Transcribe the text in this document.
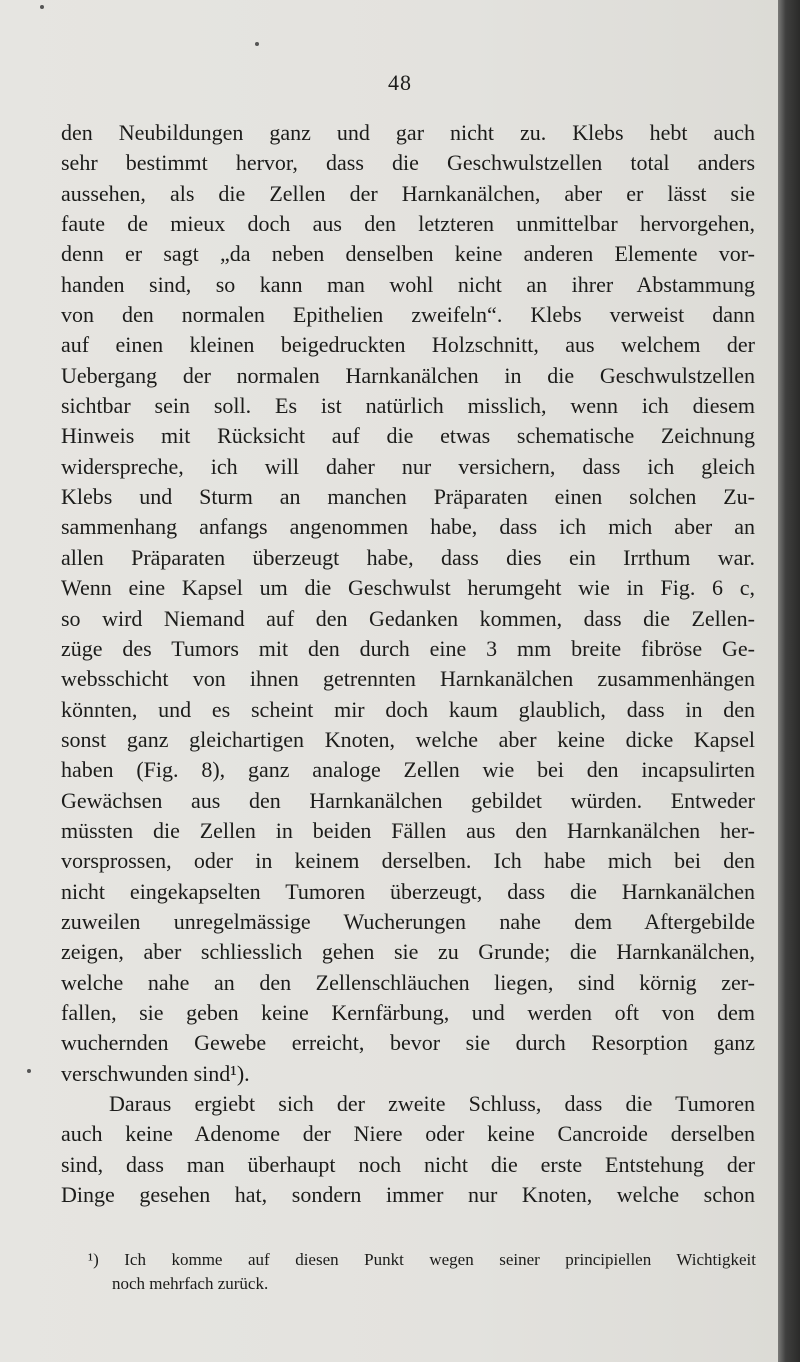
48
den Neubildungen ganz und gar nicht zu. Klebs hebt auch
sehr bestimmt hervor, dass die Geschwulstzellen total anders
aussehen, als die Zellen der Harnkanälchen, aber er lässt sie
faute de mieux doch aus den letzteren unmittelbar hervorgehen,
denn er sagt „da neben denselben keine anderen Elemente vor-
handen sind, so kann man wohl nicht an ihrer Abstammung
von den normalen Epithelien zweifeln“. Klebs verweist dann
auf einen kleinen beigedruckten Holzschnitt, aus welchem der
Uebergang der normalen Harnkanälchen in die Geschwulstzellen
sichtbar sein soll. Es ist natürlich misslich, wenn ich diesem
Hinweis mit Rücksicht auf die etwas schematische Zeichnung
widerspreche, ich will daher nur versichern, dass ich gleich
Klebs und Sturm an manchen Präparaten einen solchen Zu-
sammenhang anfangs angenommen habe, dass ich mich aber an
allen Präparaten überzeugt habe, dass dies ein Irrthum war.
Wenn eine Kapsel um die Geschwulst herumgeht wie in Fig. 6 c,
so wird Niemand auf den Gedanken kommen, dass die Zellen-
züge des Tumors mit den durch eine 3 mm breite fibröse Ge-
websschicht von ihnen getrennten Harnkanälchen zusammenhängen
könnten, und es scheint mir doch kaum glaublich, dass in den
sonst ganz gleichartigen Knoten, welche aber keine dicke Kapsel
haben (Fig. 8), ganz analoge Zellen wie bei den incapsulirten
Gewächsen aus den Harnkanälchen gebildet würden. Entweder
müssten die Zellen in beiden Fällen aus den Harnkanälchen her-
vorsprossen, oder in keinem derselben. Ich habe mich bei den
nicht eingekapselten Tumoren überzeugt, dass die Harnkanälchen
zuweilen unregelmässige Wucherungen nahe dem Aftergebilde
zeigen, aber schliesslich gehen sie zu Grunde; die Harnkanälchen,
welche nahe an den Zellenschläuchen liegen, sind körnig zer-
fallen, sie geben keine Kernfärbung, und werden oft von dem
wuchernden Gewebe erreicht, bevor sie durch Resorption ganz
verschwunden sind¹).
Daraus ergiebt sich der zweite Schluss, dass die Tumoren
auch keine Adenome der Niere oder keine Cancroide derselben
sind, dass man überhaupt noch nicht die erste Entstehung der
Dinge gesehen hat, sondern immer nur Knoten, welche schon
¹) Ich komme auf diesen Punkt wegen seiner principiellen Wichtigkeit
noch mehrfach zurück.
